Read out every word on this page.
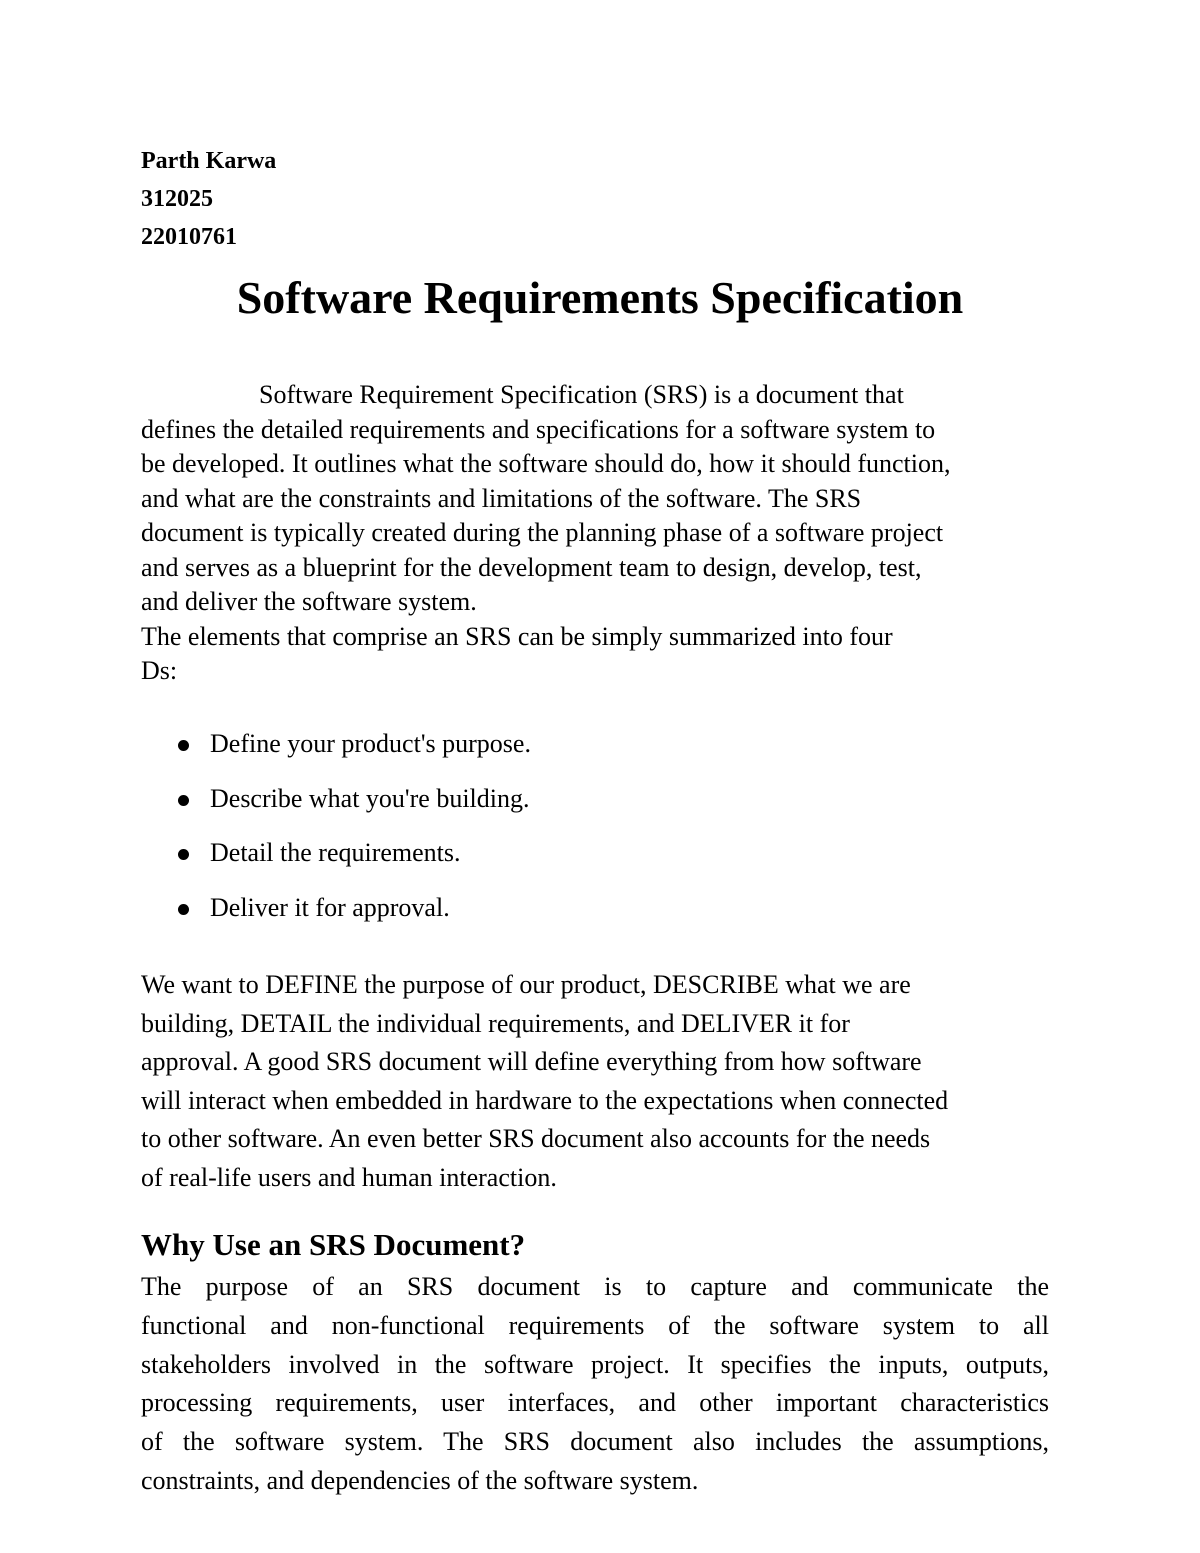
Parth Karwa
312025
22010761
Software Requirements Specification
Software Requirement Specification (SRS) is a document that
defines the detailed requirements and specifications for a software system to
be developed. It outlines what the software should do, how it should function,
and what are the constraints and limitations of the software. The SRS
document is typically created during the planning phase of a software project
and serves as a blueprint for the development team to design, develop, test,
and deliver the software system.
The elements that comprise an SRS can be simply summarized into four
Ds:
Define your product's purpose.
Describe what you're building.
Detail the requirements.
Deliver it for approval.
We want to DEFINE the purpose of our product, DESCRIBE what we are
building, DETAIL the individual requirements, and DELIVER it for
approval. A good SRS document will define everything from how software
will interact when embedded in hardware to the expectations when connected
to other software. An even better SRS document also accounts for the needs
of real-life users and human interaction.
Why Use an SRS Document?
The purpose of an SRS document is to capture and communicate the
functional and non-functional requirements of the software system to all
stakeholders involved in the software project. It specifies the inputs, outputs,
processing requirements, user interfaces, and other important characteristics
of the software system. The SRS document also includes the assumptions,
constraints, and dependencies of the software system.
